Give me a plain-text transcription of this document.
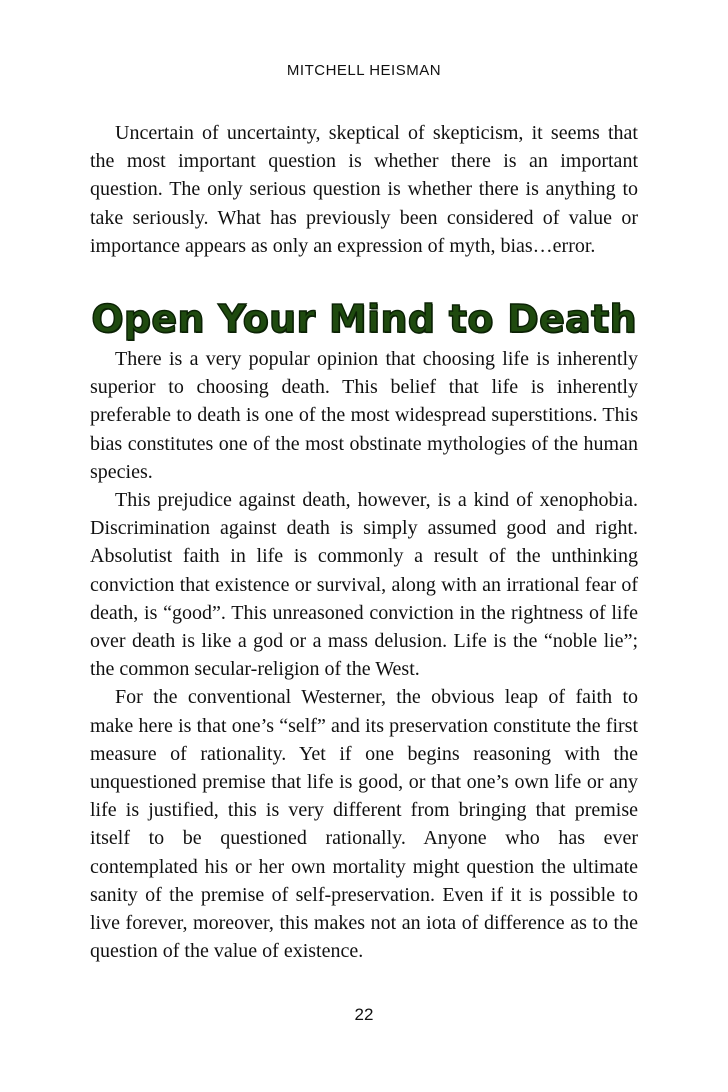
MITCHELL HEISMAN

Uncertain of uncertainty, skeptical of skepticism, it seems that the most important question is whether there is an important question. The only serious question is whether there is anything to take seriously. What has previously been considered of value or importance appears as only an expression of myth, bias…error.

Open Your Mind to Death

There is a very popular opinion that choosing life is inherently superior to choosing death. This belief that life is inherently preferable to death is one of the most widespread superstitions. This bias constitutes one of the most obstinate mythologies of the human species.

This prejudice against death, however, is a kind of xenophobia. Discrimination against death is simply assumed good and right. Absolutist faith in life is commonly a result of the unthinking conviction that existence or survival, along with an irrational fear of death, is “good”. This unreasoned conviction in the rightness of life over death is like a god or a mass delusion. Life is the “noble lie”; the common secular-religion of the West.

For the conventional Westerner, the obvious leap of faith to make here is that one’s “self” and its preservation constitute the first measure of rationality. Yet if one begins reasoning with the unquestioned premise that life is good, or that one’s own life or any life is justified, this is very different from bringing that premise itself to be questioned rationally. Anyone who has ever contemplated his or her own mortality might question the ultimate sanity of the premise of self-preservation. Even if it is possible to live forever, moreover, this makes not an iota of difference as to the question of the value of existence.

22
